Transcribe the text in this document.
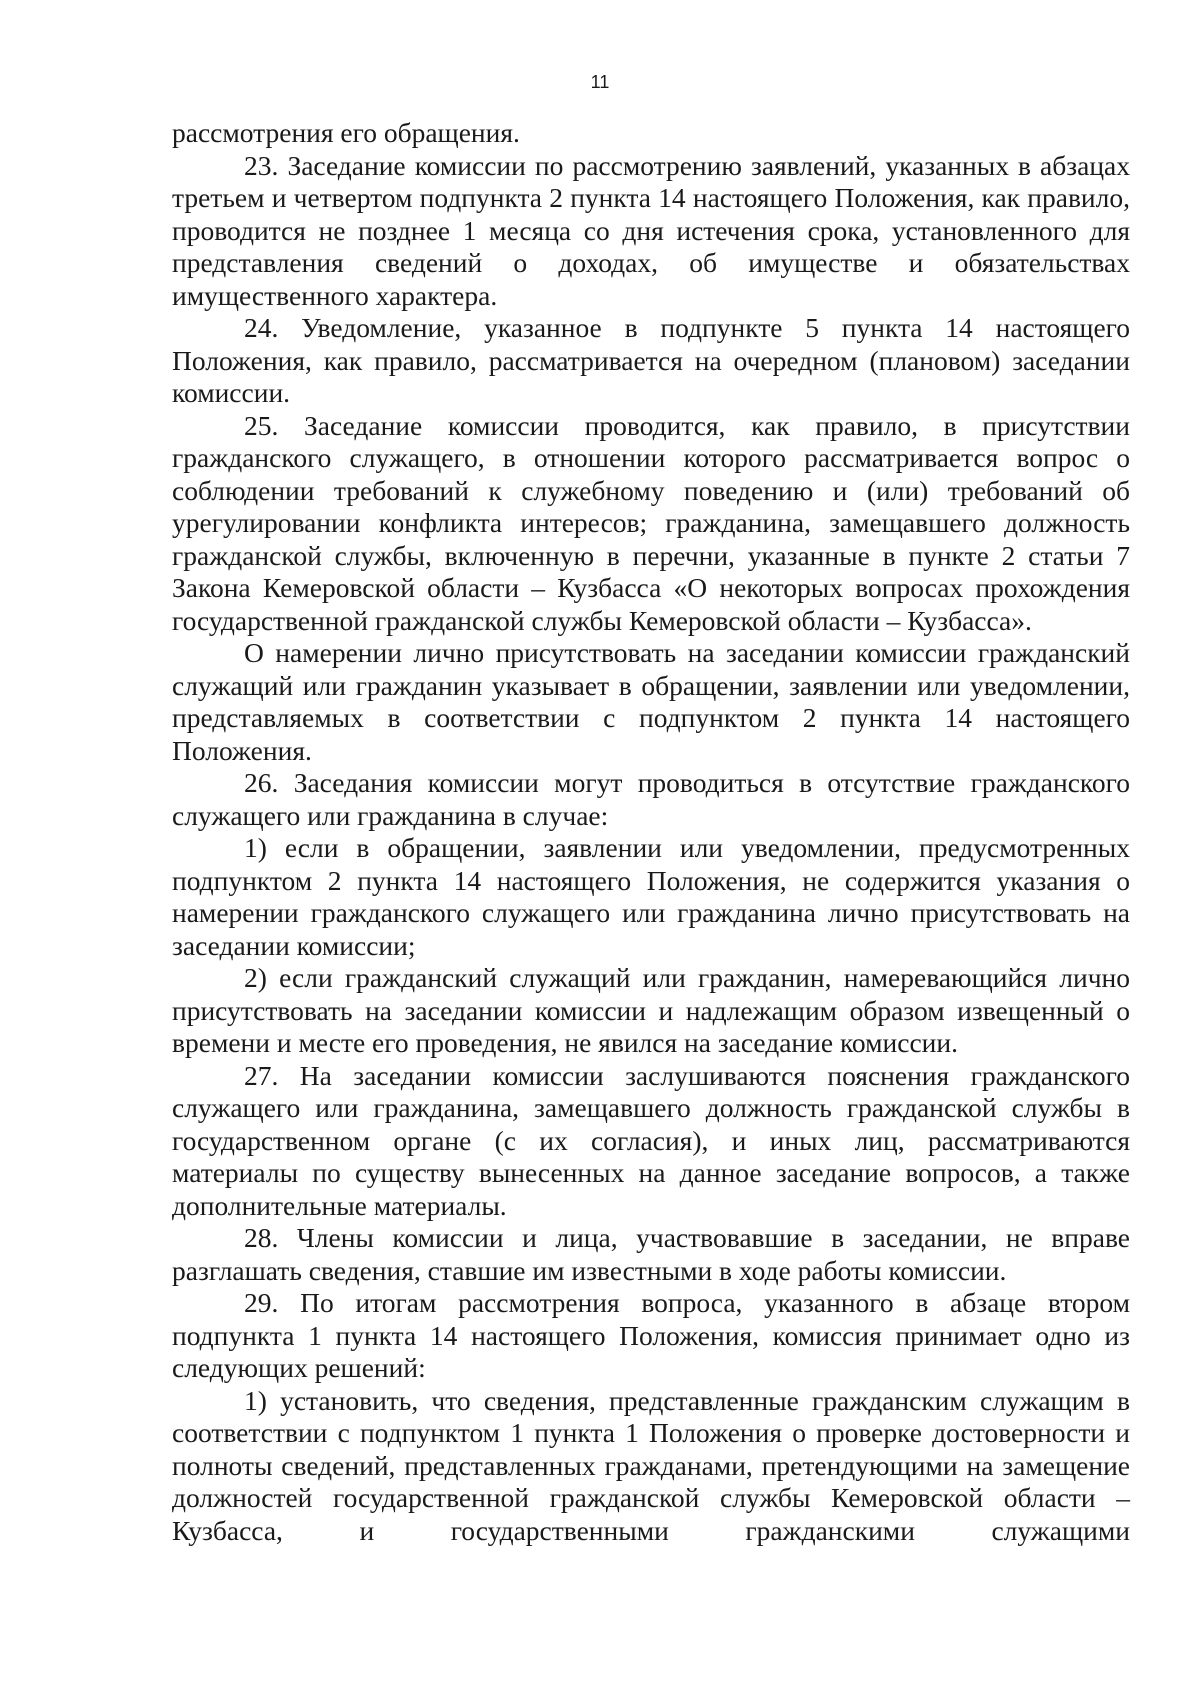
11

рассмотрения его обращения.

23. Заседание комиссии по рассмотрению заявлений, указанных в абзацах третьем и четвертом подпункта 2 пункта 14 настоящего Положения, как правило, проводится не позднее 1 месяца со дня истечения срока, установленного для представления сведений о доходах, об имуществе и обязательствах имущественного характера.

24. Уведомление, указанное в подпункте 5 пункта 14 настоящего Положения, как правило, рассматривается на очередном (плановом) заседании комиссии.

25. Заседание комиссии проводится, как правило, в присутствии гражданского служащего, в отношении которого рассматривается вопрос о соблюдении требований к служебному поведению и (или) требований об урегулировании конфликта интересов; гражданина, замещавшего должность гражданской службы, включенную в перечни, указанные в пункте 2 статьи 7 Закона Кемеровской области – Кузбасса «О некоторых вопросах прохождения государственной гражданской службы Кемеровской области – Кузбасса».

О намерении лично присутствовать на заседании комиссии гражданский служащий или гражданин указывает в обращении, заявлении или уведомлении, представляемых в соответствии с подпунктом 2 пункта 14 настоящего Положения.

26. Заседания комиссии могут проводиться в отсутствие гражданского служащего или гражданина в случае:

1) если в обращении, заявлении или уведомлении, предусмотренных подпунктом 2 пункта 14 настоящего Положения, не содержится указания о намерении гражданского служащего или гражданина лично присутствовать на заседании комиссии;

2) если гражданский служащий или гражданин, намеревающийся лично присутствовать на заседании комиссии и надлежащим образом извещенный о времени и месте его проведения, не явился на заседание комиссии.

27. На заседании комиссии заслушиваются пояснения гражданского служащего или гражданина, замещавшего должность гражданской службы в государственном органе (с их согласия), и иных лиц, рассматриваются материалы по существу вынесенных на данное заседание вопросов, а также дополнительные материалы.

28. Члены комиссии и лица, участвовавшие в заседании, не вправе разглашать сведения, ставшие им известными в ходе работы комиссии.

29. По итогам рассмотрения вопроса, указанного в абзаце втором подпункта 1 пункта 14 настоящего Положения, комиссия принимает одно из следующих решений:

1) установить, что сведения, представленные гражданским служащим в соответствии с подпунктом 1 пункта 1 Положения о проверке достоверности и полноты сведений, представленных гражданами, претендующими на замещение должностей государственной гражданской службы Кемеровской области – Кузбасса, и государственными гражданскими служащими
